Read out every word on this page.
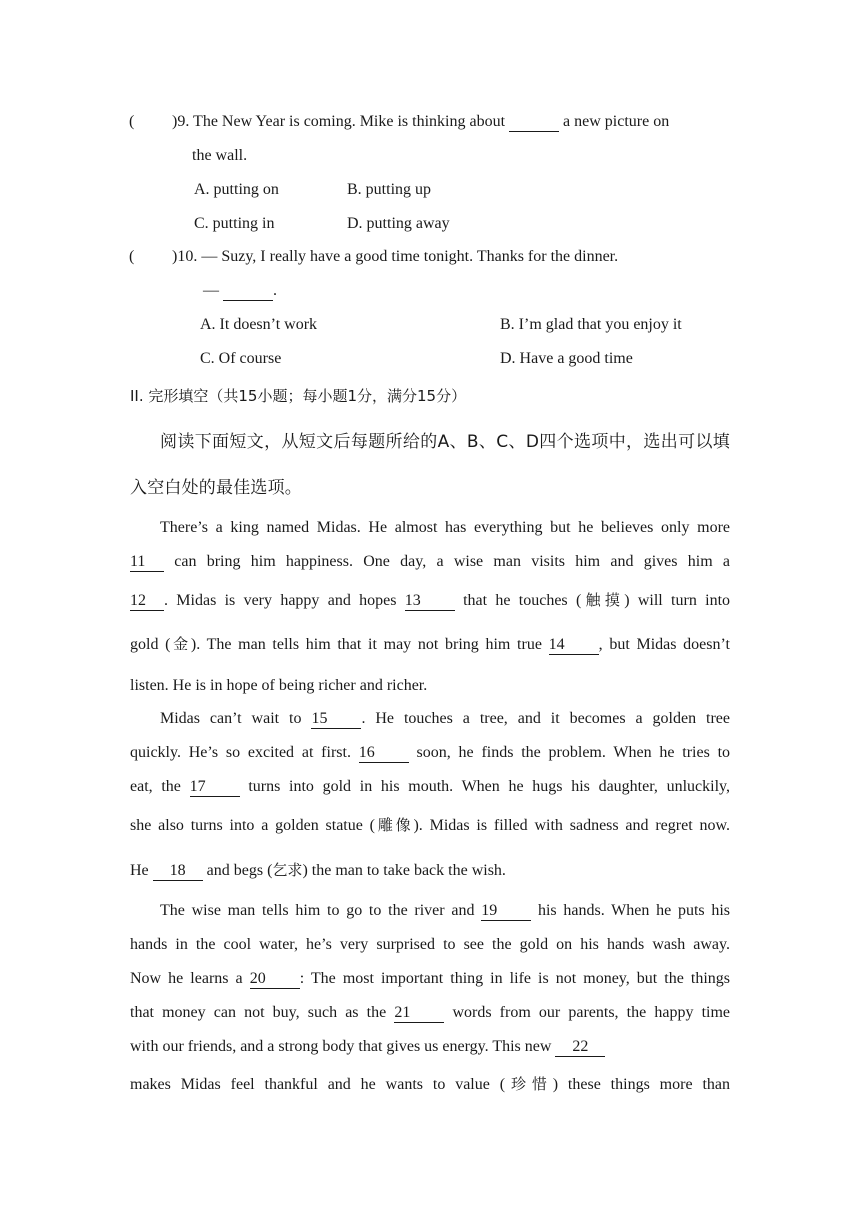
( )9. The New Year is coming. Mike is thinking about	a new picture on
the wall.
A. putting on	B. putting up
C. putting in	D. putting away
( )10. — Suzy, I really have a good time tonight. Thanks for the dinner.
—	.
A. It doesn’t work	B. I’m glad that you enjoy it
C. Of course	D. Have a good time
II. 完形填空（共15小题；每小题1分，满分15分）
阅读下面短文，从短文后每题所给的A、B、C、D四个选项中，选出可以填
入空白处的最佳选项。
There’s a king named Midas. He almost has everything but he believes only more
11 can bring him happiness. One day, a wise man visits him and gives him a
12 . Midas is very happy and hopes 13	that he touches (触摸) will turn into
gold (金). The man tells him that it may not bring him true 14 , but Midas doesn’t
listen. He is in hope of being richer and richer.
Midas can’t wait to 15 . He touches a tree, and it becomes a golden tree
quickly. He’s so excited at first. 16	soon, he finds the problem. When he tries to
eat, the 17	turns into gold in his mouth. When he hugs his daughter, unluckily,
she also turns into a golden statue (雕像). Midas is filled with sadness and regret now.
He 18 and begs (乞求) the man to take back the wish.
The wise man tells him to go to the river and 19	his hands. When he puts his
hands in the cool water, he’s very surprised to see the gold on his hands wash away.
Now he learns a 20 : The most important thing in life is not money, but the things
that money can not buy, such as the 21	words from our parents, the happy time
with our friends, and a strong body that gives us energy. This new 22
makes Midas feel thankful and he wants to value (珍惜) these things more than
